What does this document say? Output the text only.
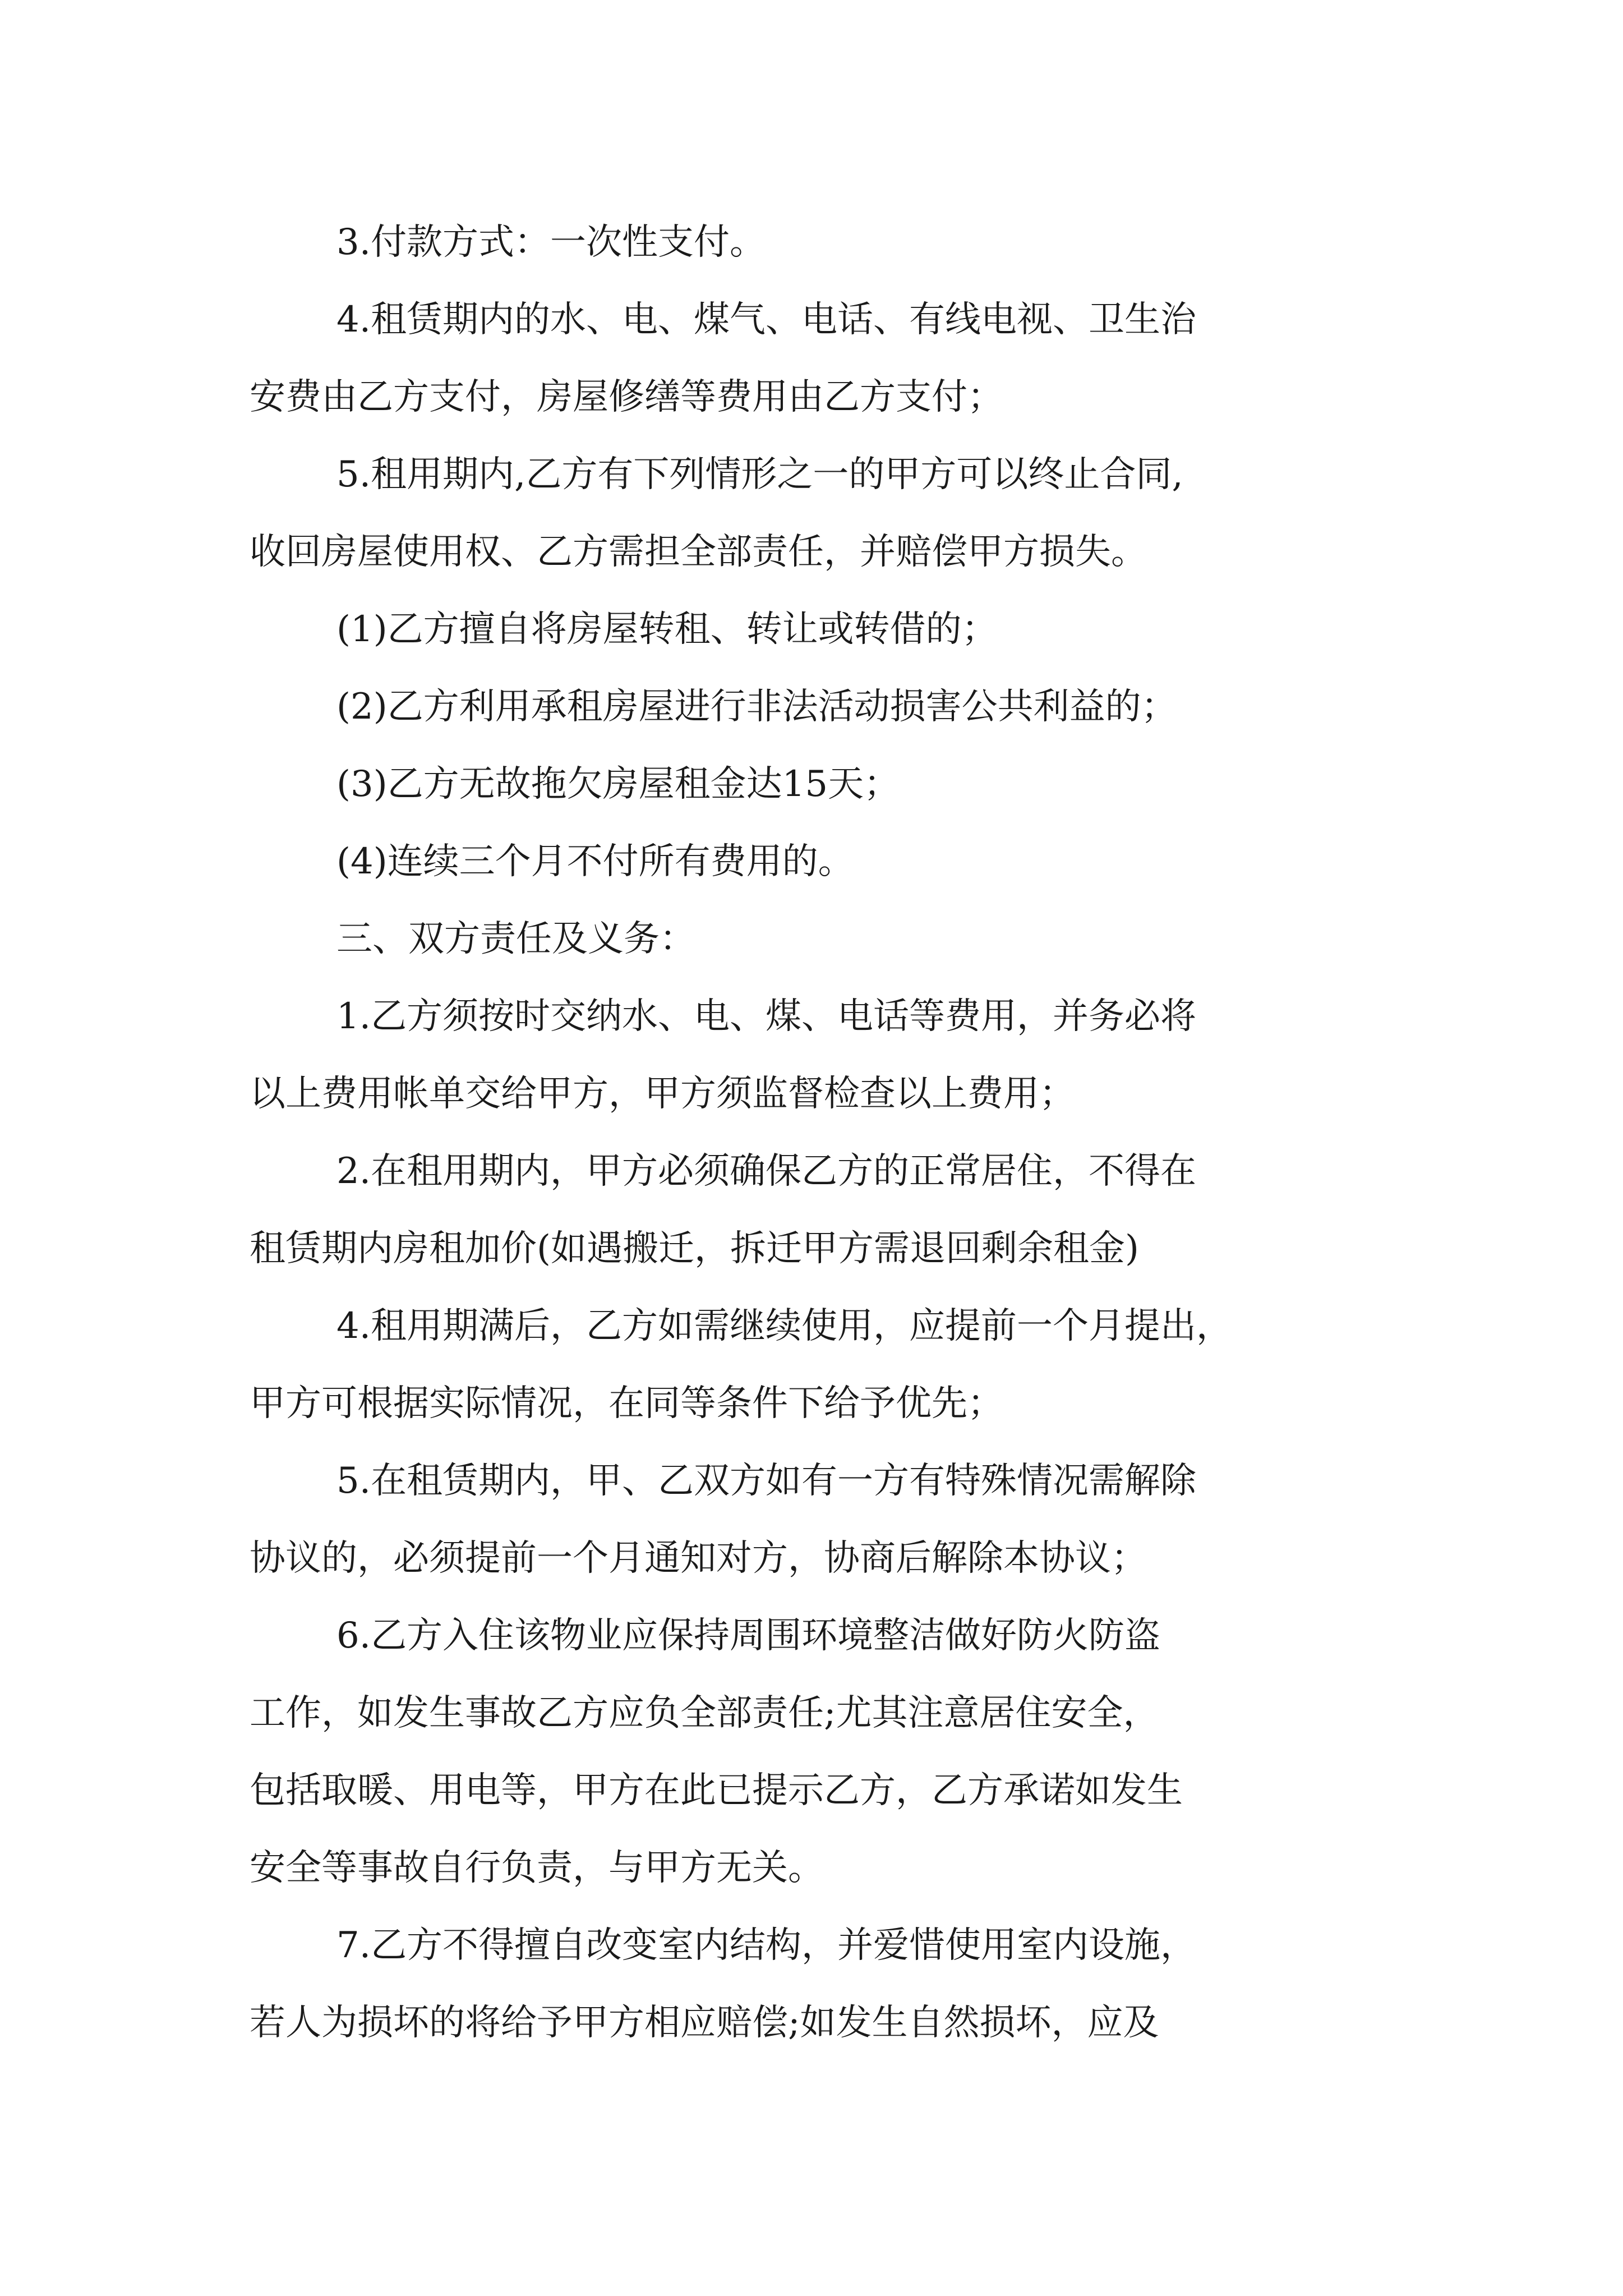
3.付款方式：一次性支付。
4.租赁期内的水、电、煤气、电话、有线电视、卫生治
安费由乙方支付，房屋修缮等费用由乙方支付；
5.租用期内,乙方有下列情形之一的甲方可以终止合同,
收回房屋使用权、乙方需担全部责任，并赔偿甲方损失。
(1)乙方擅自将房屋转租、转让或转借的；
(2)乙方利用承租房屋进行非法活动损害公共利益的；
(3)乙方无故拖欠房屋租金达15天；
(4)连续三个月不付所有费用的。
三、双方责任及义务：
1.乙方须按时交纳水、电、煤、电话等费用，并务必将
以上费用帐单交给甲方，甲方须监督检查以上费用；
2.在租用期内，甲方必须确保乙方的正常居住，不得在
租赁期内房租加价(如遇搬迁，拆迁甲方需退回剩余租金)
4.租用期满后，乙方如需继续使用，应提前一个月提出，
甲方可根据实际情况，在同等条件下给予优先；
5.在租赁期内，甲、乙双方如有一方有特殊情况需解除
协议的，必须提前一个月通知对方，协商后解除本协议；
6.乙方入住该物业应保持周围环境整洁做好防火防盗
工作，如发生事故乙方应负全部责任;尤其注意居住安全，
包括取暖、用电等，甲方在此已提示乙方，乙方承诺如发生
安全等事故自行负责，与甲方无关。
7.乙方不得擅自改变室内结构，并爱惜使用室内设施，
若人为损坏的将给予甲方相应赔偿;如发生自然损坏，应及
